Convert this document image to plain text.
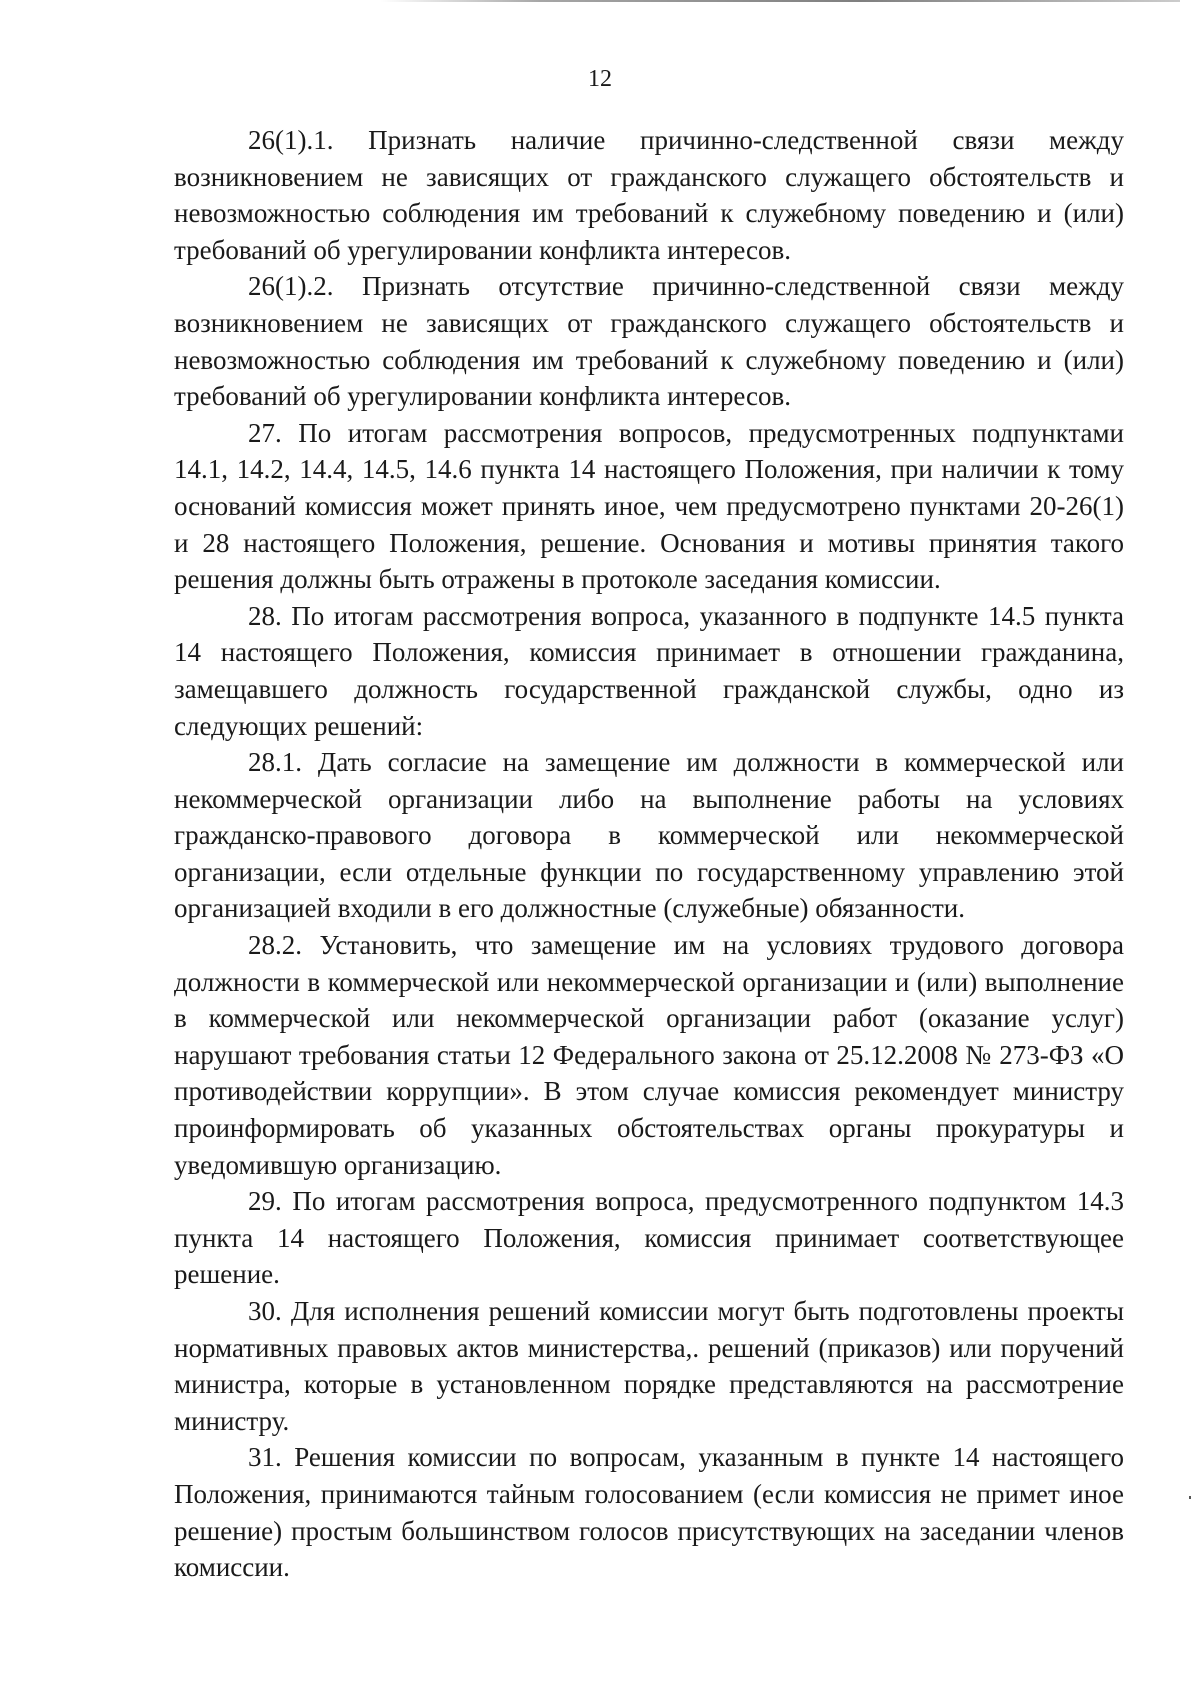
12

26(1).1. Признать наличие причинно-следственной связи между возникновением не зависящих от гражданского служащего обстоятельств и невозможностью соблюдения им требований к служебному поведению и (или) требований об урегулировании конфликта интересов.

26(1).2. Признать отсутствие причинно-следственной связи между возникновением не зависящих от гражданского служащего обстоятельств и невозможностью соблюдения им требований к служебному поведению и (или) требований об урегулировании конфликта интересов.

27. По итогам рассмотрения вопросов, предусмотренных подпунктами 14.1, 14.2, 14.4, 14.5, 14.6 пункта 14 настоящего Положения, при наличии к тому оснований комиссия может принять иное, чем предусмотрено пунктами 20-26(1) и 28 настоящего Положения, решение. Основания и мотивы принятия такого решения должны быть отражены в протоколе заседания комиссии.

28. По итогам рассмотрения вопроса, указанного в подпункте 14.5 пункта 14 настоящего Положения, комиссия принимает в отношении гражданина, замещавшего должность государственной гражданской службы, одно из следующих решений:

28.1. Дать согласие на замещение им должности в коммерческой или некоммерческой организации либо на выполнение работы на условиях гражданско-правового договора в коммерческой или некоммерческой организации, если отдельные функции по государственному управлению этой организацией входили в его должностные (служебные) обязанности.

28.2. Установить, что замещение им на условиях трудового договора должности в коммерческой или некоммерческой организации и (или) выполнение в коммерческой или некоммерческой организации работ (оказание услуг) нарушают требования статьи 12 Федерального закона от 25.12.2008 № 273-ФЗ «О противодействии коррупции». В этом случае комиссия рекомендует министру проинформировать об указанных обстоятельствах органы прокуратуры и уведомившую организацию.

29. По итогам рассмотрения вопроса, предусмотренного подпунктом 14.3 пункта 14 настоящего Положения, комиссия принимает соответствующее решение.

30. Для исполнения решений комиссии могут быть подготовлены проекты нормативных правовых актов министерства,. решений (приказов) или поручений министра, которые в установленном порядке представляются на рассмотрение министру.

31. Решения комиссии по вопросам, указанным в пункте 14 настоящего Положения, принимаются тайным голосованием (если комиссия не примет иное решение) простым большинством голосов присутствующих на заседании членов комиссии.
